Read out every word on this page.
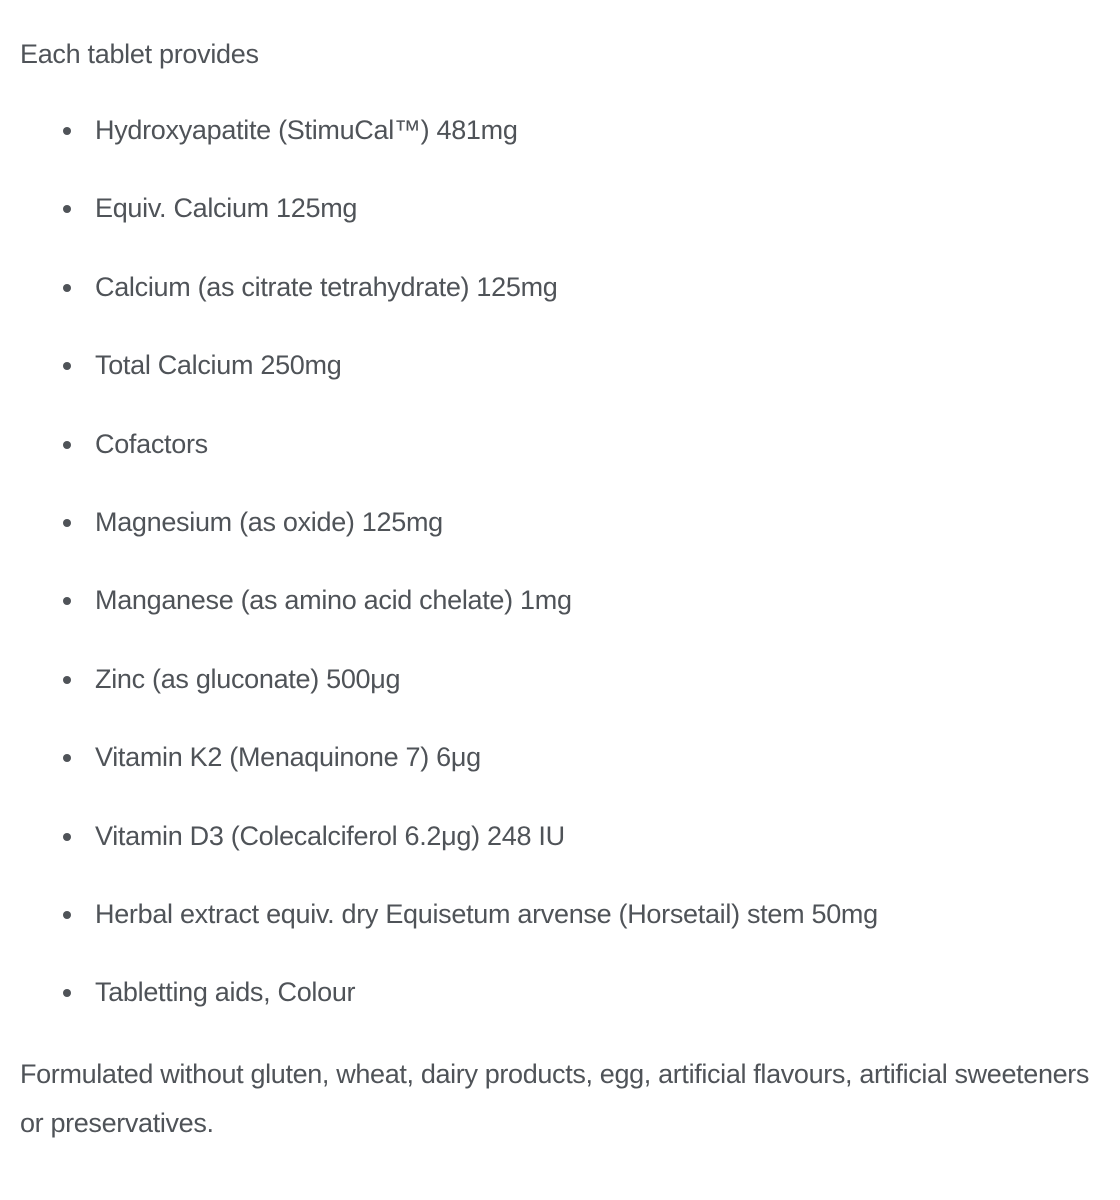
Each tablet provides

Hydroxyapatite (StimuCal™) 481mg
Equiv. Calcium 125mg
Calcium (as citrate tetrahydrate) 125mg
Total Calcium 250mg
Cofactors
Magnesium (as oxide) 125mg
Manganese (as amino acid chelate) 1mg
Zinc (as gluconate) 500μg
Vitamin K2 (Menaquinone 7) 6μg
Vitamin D3 (Colecalciferol 6.2μg) 248 IU
Herbal extract equiv. dry Equisetum arvense (Horsetail) stem 50mg
Tabletting aids, Colour

Formulated without gluten, wheat, dairy products, egg, artificial flavours, artificial sweeteners or preservatives.
